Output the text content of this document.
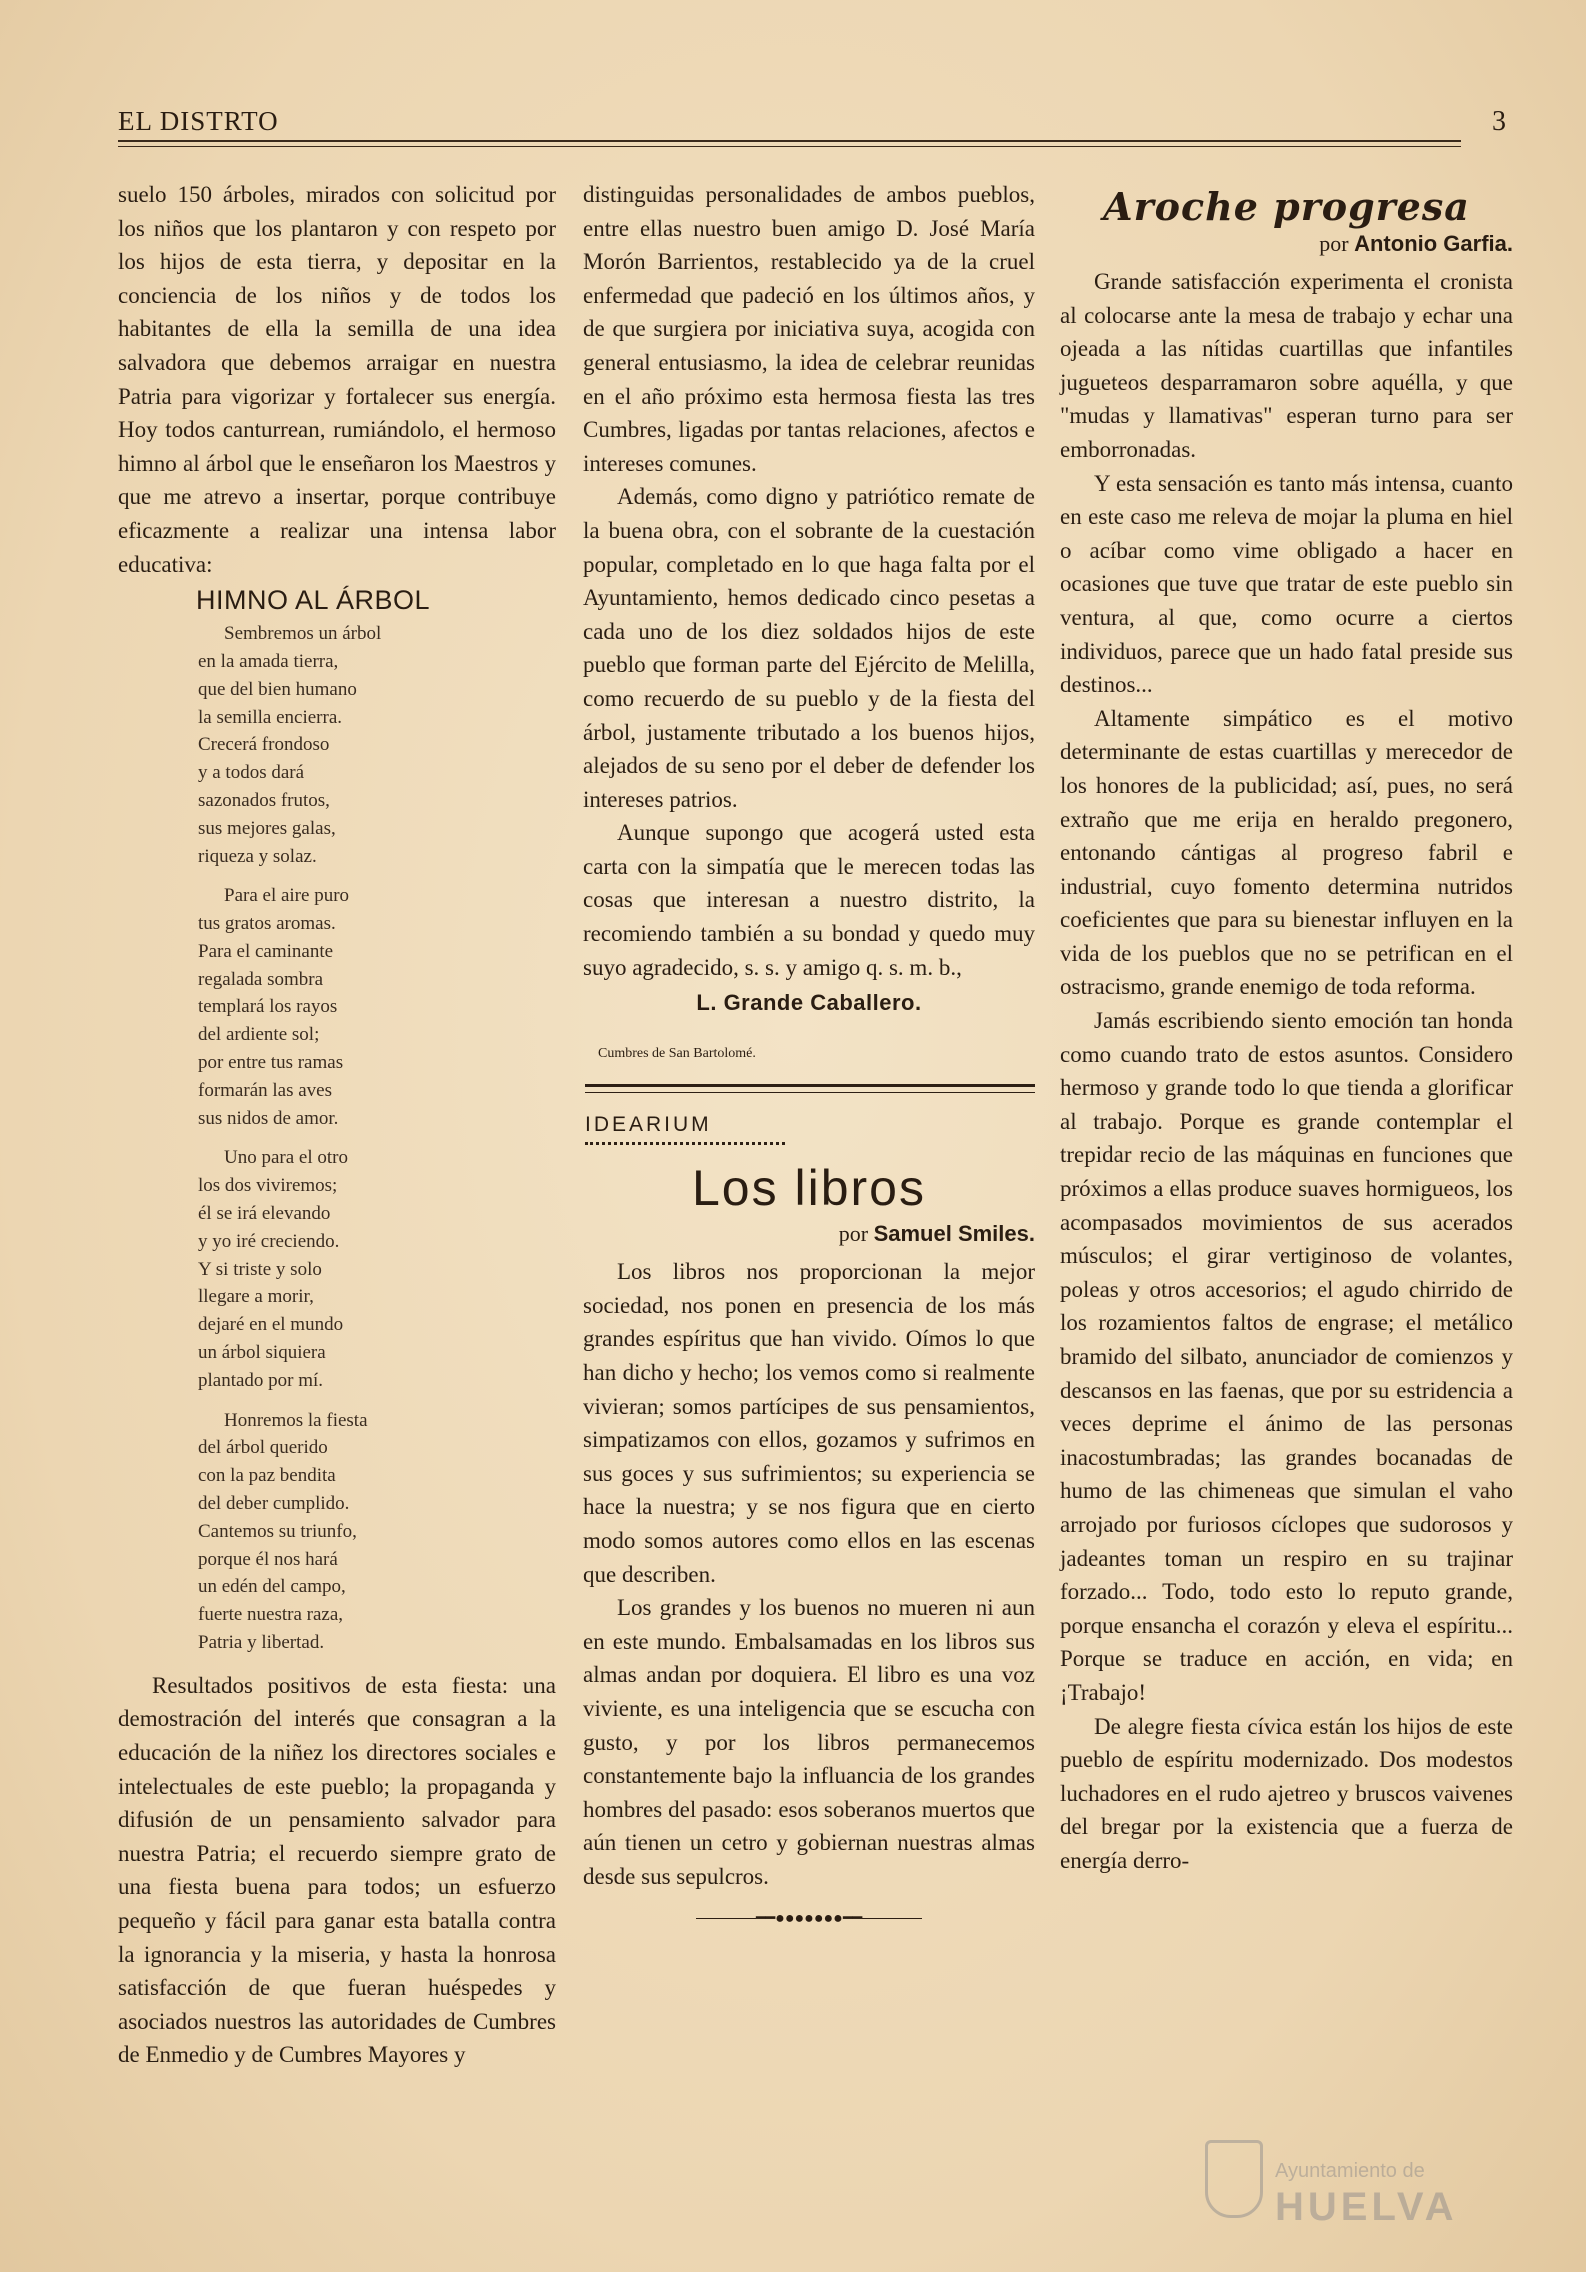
EL DISTRTO	3

suelo 150 árboles, mirados con solicitud por los niños que los plantaron y con respeto por los hijos de esta tierra, y depositar en la conciencia de los niños y de todos los habitantes de ella la semilla de una idea salvadora que debemos arraigar en nuestra Patria para vigorizar y fortalecer sus energía. Hoy todos canturrean, rumiándolo, el hermoso himno al árbol que le enseñaron los Maestros y que me atrevo a insertar, porque contribuye eficazmente a realizar una intensa labor educativa:

HIMNO AL ÁRBOL
Sembremos un árbol
en la amada tierra,
que del bien humano
la semilla encierra.
Crecerá frondoso
y a todos dará
sazonados frutos,
sus mejores galas,
riqueza y solaz.
Para el aire puro
tus gratos aromas.
Para el caminante
regalada sombra
templará los rayos
del ardiente sol;
por entre tus ramas
formarán las aves
sus nidos de amor.
Uno para el otro
los dos viviremos;
él se irá elevando
y yo iré creciendo.
Y si triste y solo
llegare a morir,
dejaré en el mundo
un árbol siquiera
plantado por mí.
Honremos la fiesta
del árbol querido
con la paz bendita
del deber cumplido.
Cantemos su triunfo,
porque él nos hará
un edén del campo,
fuerte nuestra raza,
Patria y libertad.

Resultados positivos de esta fiesta: una demostración del interés que consagran a la educación de la niñez los directores sociales e intelectuales de este pueblo; la propaganda y difusión de un pensamiento salvador para nuestra Patria; el recuerdo siempre grato de una fiesta buena para todos; un esfuerzo pequeño y fácil para ganar esta batalla contra la ignorancia y la miseria, y hasta la honrosa satisfacción de que fueran huéspedes y asociados nuestros las autoridades de Cumbres de Enmedio y de Cumbres Mayores y

distinguidas personalidades de ambos pueblos, entre ellas nuestro buen amigo D. José María Morón Barrientos, restablecido ya de la cruel enfermedad que padeció en los últimos años, y de que surgiera por iniciativa suya, acogida con general entusiasmo, la idea de celebrar reunidas en el año próximo esta hermosa fiesta las tres Cumbres, ligadas por tantas relaciones, afectos e intereses comunes.

Además, como digno y patriótico remate de la buena obra, con el sobrante de la cuestación popular, completado en lo que haga falta por el Ayuntamiento, hemos dedicado cinco pesetas a cada uno de los diez soldados hijos de este pueblo que forman parte del Ejército de Melilla, como recuerdo de su pueblo y de la fiesta del árbol, justamente tributado a los buenos hijos, alejados de su seno por el deber de defender los intereses patrios.

Aunque supongo que acogerá usted esta carta con la simpatía que le merecen todas las cosas que interesan a nuestro distrito, la recomiendo también a su bondad y quedo muy suyo agradecido, s. s. y amigo q. s. m. b.,

L. Grande Caballero.
Cumbres de San Bartolomé.
IDEARIUM
Los libros
por Samuel Smiles.

Los libros nos proporcionan la mejor sociedad, nos ponen en presencia de los más grandes espíritus que han vivido. Oímos lo que han dicho y hecho; los vemos como si realmente vivieran; somos partícipes de sus pensamientos, simpatizamos con ellos, gozamos y sufrimos en sus goces y sus sufrimientos; su experiencia se hace la nuestra; y se nos figura que en cierto modo somos autores como ellos en las escenas que describen.

Los grandes y los buenos no mueren ni aun en este mundo. Embalsamadas en los libros sus almas andan por doquiera. El libro es una voz viviente, es una inteligencia que se escucha con gusto, y por los libros permanecemos constantemente bajo la influancia de los grandes hombres del pasado: esos soberanos muertos que aún tienen un cetro y gobiernan nuestras almas desde sus sepulcros.

━━●●●●●●●━━
Aroche progresa
por Antonio Garfia.

Grande satisfacción experimenta el cronista al colocarse ante la mesa de trabajo y echar una ojeada a las nítidas cuartillas que infantiles juguetеos desparramaron sobre aquélla, y que "mudas y llamativas" esperan turno para ser emborronadas.

Y esta sensación es tanto más intensa, cuanto en este caso me releva de mojar la pluma en hiel o acíbar como vime obligado a hacer en ocasiones que tuve que tratar de este pueblo sin ventura, al que, como ocurre a ciertos individuos, parece que un hado fatal preside sus destinos...

Altamente simpático es el motivo determinante de estas cuartillas y merecedor de los honores de la publicidad; así, pues, no será extraño que me erija en heraldo pregonero, entonando cántigas al progreso fabril e industrial, cuyo fomento determina nutridos coeficientes que para su bienestar influyen en la vida de los pueblos que no se petrifican en el ostracismo, grande enemigo de toda reforma.

Jamás escribiendo siento emoción tan honda como cuando trato de estos asuntos. Considero hermoso y grande todo lo que tienda a glorificar al trabajo. Porque es grande contemplar el trepidar recio de las máquinas en funciones que próximos a ellas produce suaves hormigueos, los acompasados movimientos de sus acerados músculos; el girar vertiginoso de volantes, poleas y otros accesorios; el agudo chirrido de los rozamientos faltos de engrase; el metálico bramido del silbato, anunciador de comienzos y descansos en las faenas, que por su estridencia a veces deprime el ánimo de las personas inacostumbradas; las grandes bocanadas de humo de las chimeneas que simulan el vaho arrojado por furiosos cíclopes que sudorosos y jadeantes toman un respiro en su trajinar forzado... Todo, todo esto lo reputo grande, porque ensancha el corazón y eleva el espíritu... Porque se traduce en acción, en vida; en ¡Trabajo!

De alegre fiesta cívica están los hijos de este pueblo de espíritu modernizado. Dos modestos luchadores en el rudo ajetreo y bruscos vaivenes del bregar por la existencia que a fuerza de energía derro-

Ayuntamiento de
HUELVA
